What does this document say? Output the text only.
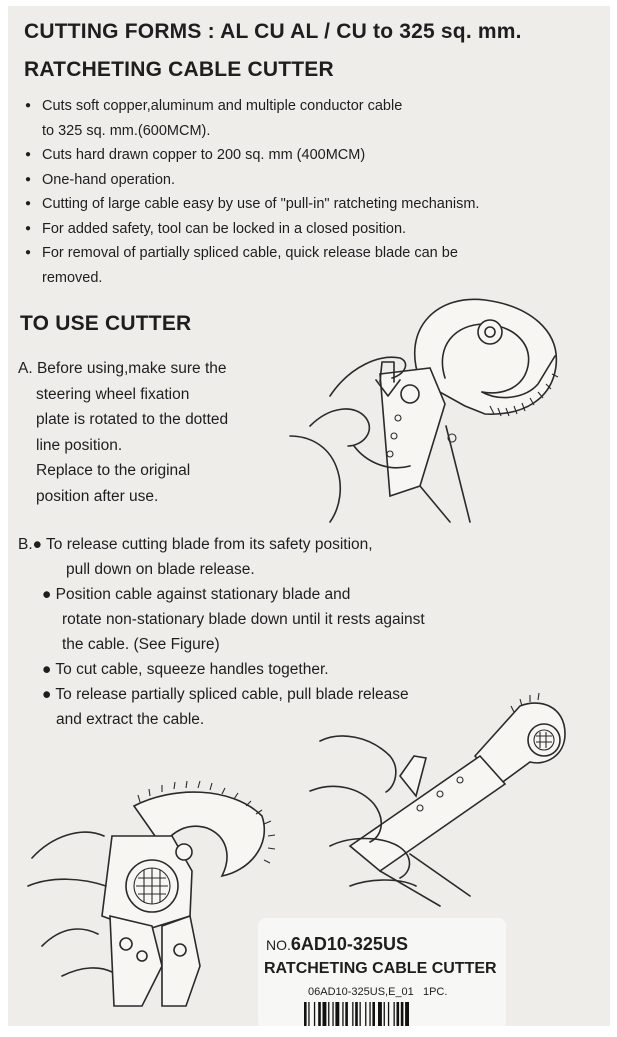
CUTTING FORMS : AL CU AL / CU to 325 sq. mm.
RATCHETING CABLE CUTTER
● Cuts soft copper,aluminum and multiple conductor cable
to 325 sq. mm.(600MCM).
● Cuts hard drawn copper to 200 sq. mm (400MCM)
● One-hand operation.
● Cutting of large cable easy by use of "pull-in" ratcheting mechanism.
● For added safety, tool can be locked in a closed position.
● For removal of partially spliced cable, quick release blade can be
removed.
TO USE CUTTER
A. Before using,make sure the
steering wheel fixation
plate is rotated to the dotted
line position.
Replace to the original
position after use.
B.● To release cutting blade from its safety position,
pull down on blade release.
● Position cable against stationary blade and
rotate non-stationary blade down until it rests against
the cable. (See Figure)
● To cut cable, squeeze handles together.
● To release partially spliced cable, pull blade release
and extract the cable.
NO.6AD10-325US
RATCHETING CABLE CUTTER
06AD10-325US,E_01 1PC.
